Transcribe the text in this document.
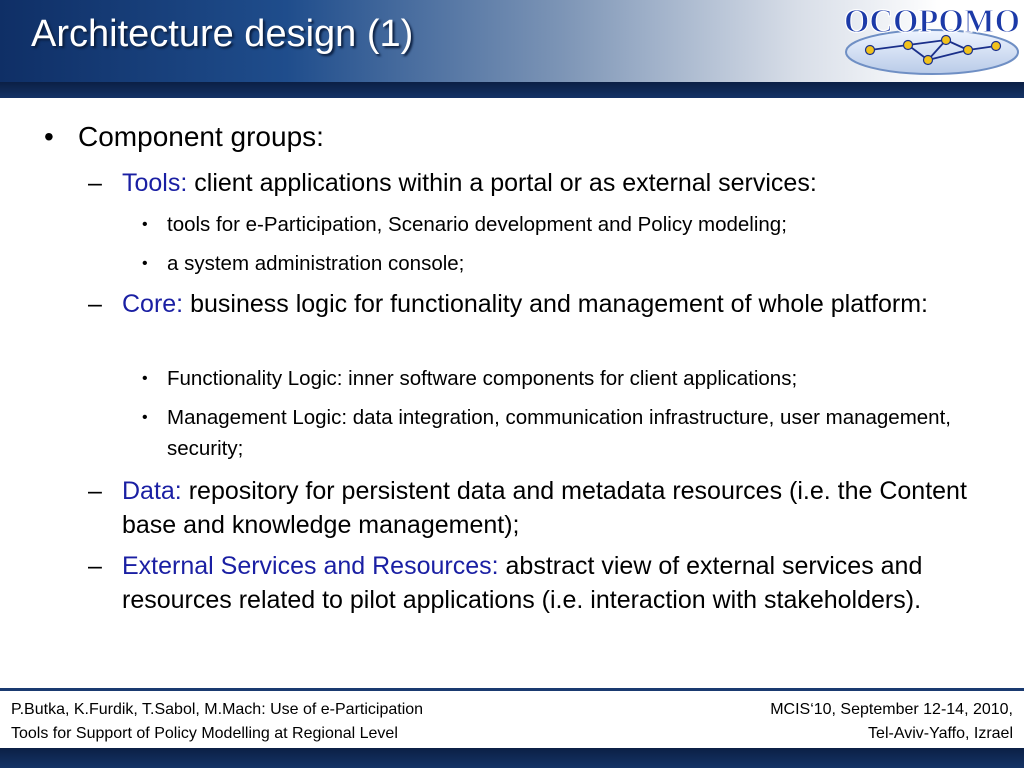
Architecture design (1)	OCOPOMO
• Component groups:
– Tools: client applications within a portal or as external services:
• tools for e-Participation, Scenario development and Policy modeling;
• a system administration console;
– Core: business logic for functionality and management of whole platform:
• Functionality Logic: inner software components for client applications;
• Management Logic: data integration, communication infrastructure, user management, security;
– Data: repository for persistent data and metadata resources (i.e. the Content base and knowledge management);
– External Services and Resources: abstract view of external services and resources related to pilot applications (i.e. interaction with stakeholders).
P.Butka, K.Furdik, T.Sabol, M.Mach: Use of e-Participation
Tools for Support of Policy Modelling at Regional Level
MCIS‘10, September 12-14, 2010,
Tel-Aviv-Yaffo, Izrael
